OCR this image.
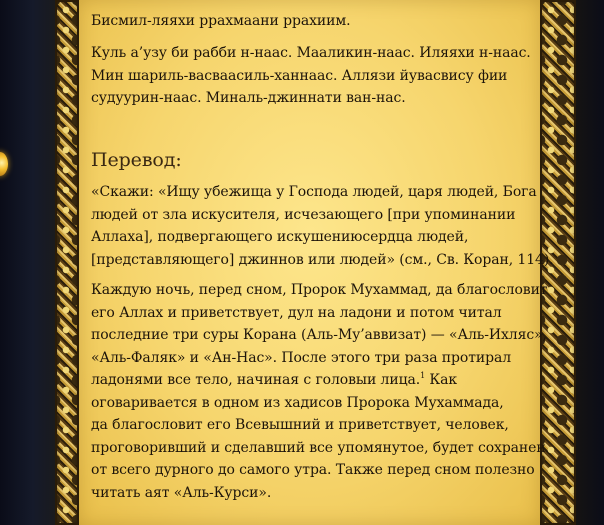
Бисмил-ляяхи ррахмаани ррахиим.

Куль а’узу би рабби н-наас. Мааликин-наас. Иляяхи н-наас.

Мин шариль-васваасиль-ханнаас. Аллязи йувасвису фии

судуурин-наас. Миналь-джиннати ван-нас.

Перевод:

«Скажи: «Ищу убежища у Господа людей, царя людей, Бога

людей от зла искусителя, исчезающего [при упоминании

Аллаха], подвергающего искушениюсердца людей,

[представляющего] джиннов или людей» (см., Св. Коран, 114).

Каждую ночь, перед сном, Пророк Мухаммад, да благословит

его Аллах и приветствует, дул на ладони и потом читал

последние три суры Корана (Аль-Му’аввизат) — «Аль-Ихляс»,

«Аль-Фаляк» и «Ан-Нас». После этого три раза протирал

ладонями все тело, начиная с головыи лица.$^1$ Как

оговаривается в одном из хадисов Пророка Мухаммада,

да благословит его Всевышний и приветствует, человек,

проговоривший и сделавший все упомянутое, будет сохранен

от всего дурного до самого утра. Также перед сном полезно

читать аят «Аль-Курси».
